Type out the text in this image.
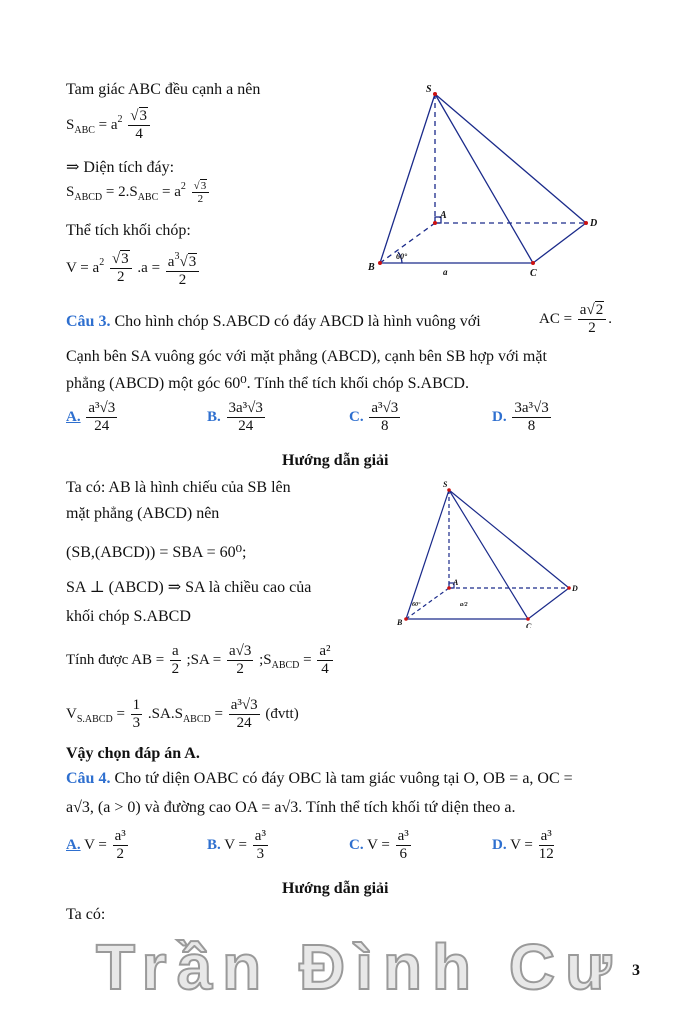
Tam giác ABC đều cạnh a nên
$S_{ABC} = a^2 \frac{√3}{4}$
⇒ Diện tích đáy:
$S_{ABCD} = 2.S_{ABC} = a^2 \frac{√3}{2}$
Thể tích khối chóp:
$V = a^2 \frac{√3}{2} .a = \frac{a^3√3}{2}$
S
A
B
C
D
60°
a
Câu 3. Cho hình chóp S.ABCD có đáy ABCD là hình vuông với	AC = $\frac{a√2}{2}$ .
Cạnh bên SA vuông góc với mặt phẳng (ABCD), cạnh bên SB hợp với mặt
phẳng (ABCD) một góc 60⁰. Tính thể tích khối chóp S.ABCD.
A. $\frac{\text{a³√3}}{24}$	B. $\frac{\text{3a³√3}}{24}$	C. $\frac{\text{a³√3}}{8}$	D. $\frac{\text{3a³√3}}{8}$
Hướng dẫn giải
Ta có: AB là hình chiếu của SB lên
mặt phẳng (ABCD) nên
(SB,(ABCD)) = SBA = 60⁰;
SA ⊥ (ABCD) ⇒ SA là chiều cao của
khối chóp S.ABCD
Tính được AB = $\frac{a}{2}$ ;SA = $\frac{a√3}{2}$ $;S_{ABCD} = \frac{\text{a²}}{4}$
$V_{S.ABCD} = \frac{1}{3} .SA.S_{ABCD} = \frac{\text{a³√3}}{24}$ (đvtt)
Vậy chọn đáp án A.
S
A
B	C
D
60°	a/2
Câu 4. Cho tứ diện OABC có đáy OBC là tam giác vuông tại O, OB = a, OC =
a√3, (a > 0) và đường cao OA = a√3. Tính thể tích khối tứ diện theo a.
A. $V = \frac{\text{a³}}{2}$	B. $V = \frac{\text{a³}}{3}$	C. $V = \frac{\text{a³}}{6}$	D. $V = \frac{\text{a³}}{12}$
Hướng dẫn giải
Ta có:
Trần Đình Cư 3
